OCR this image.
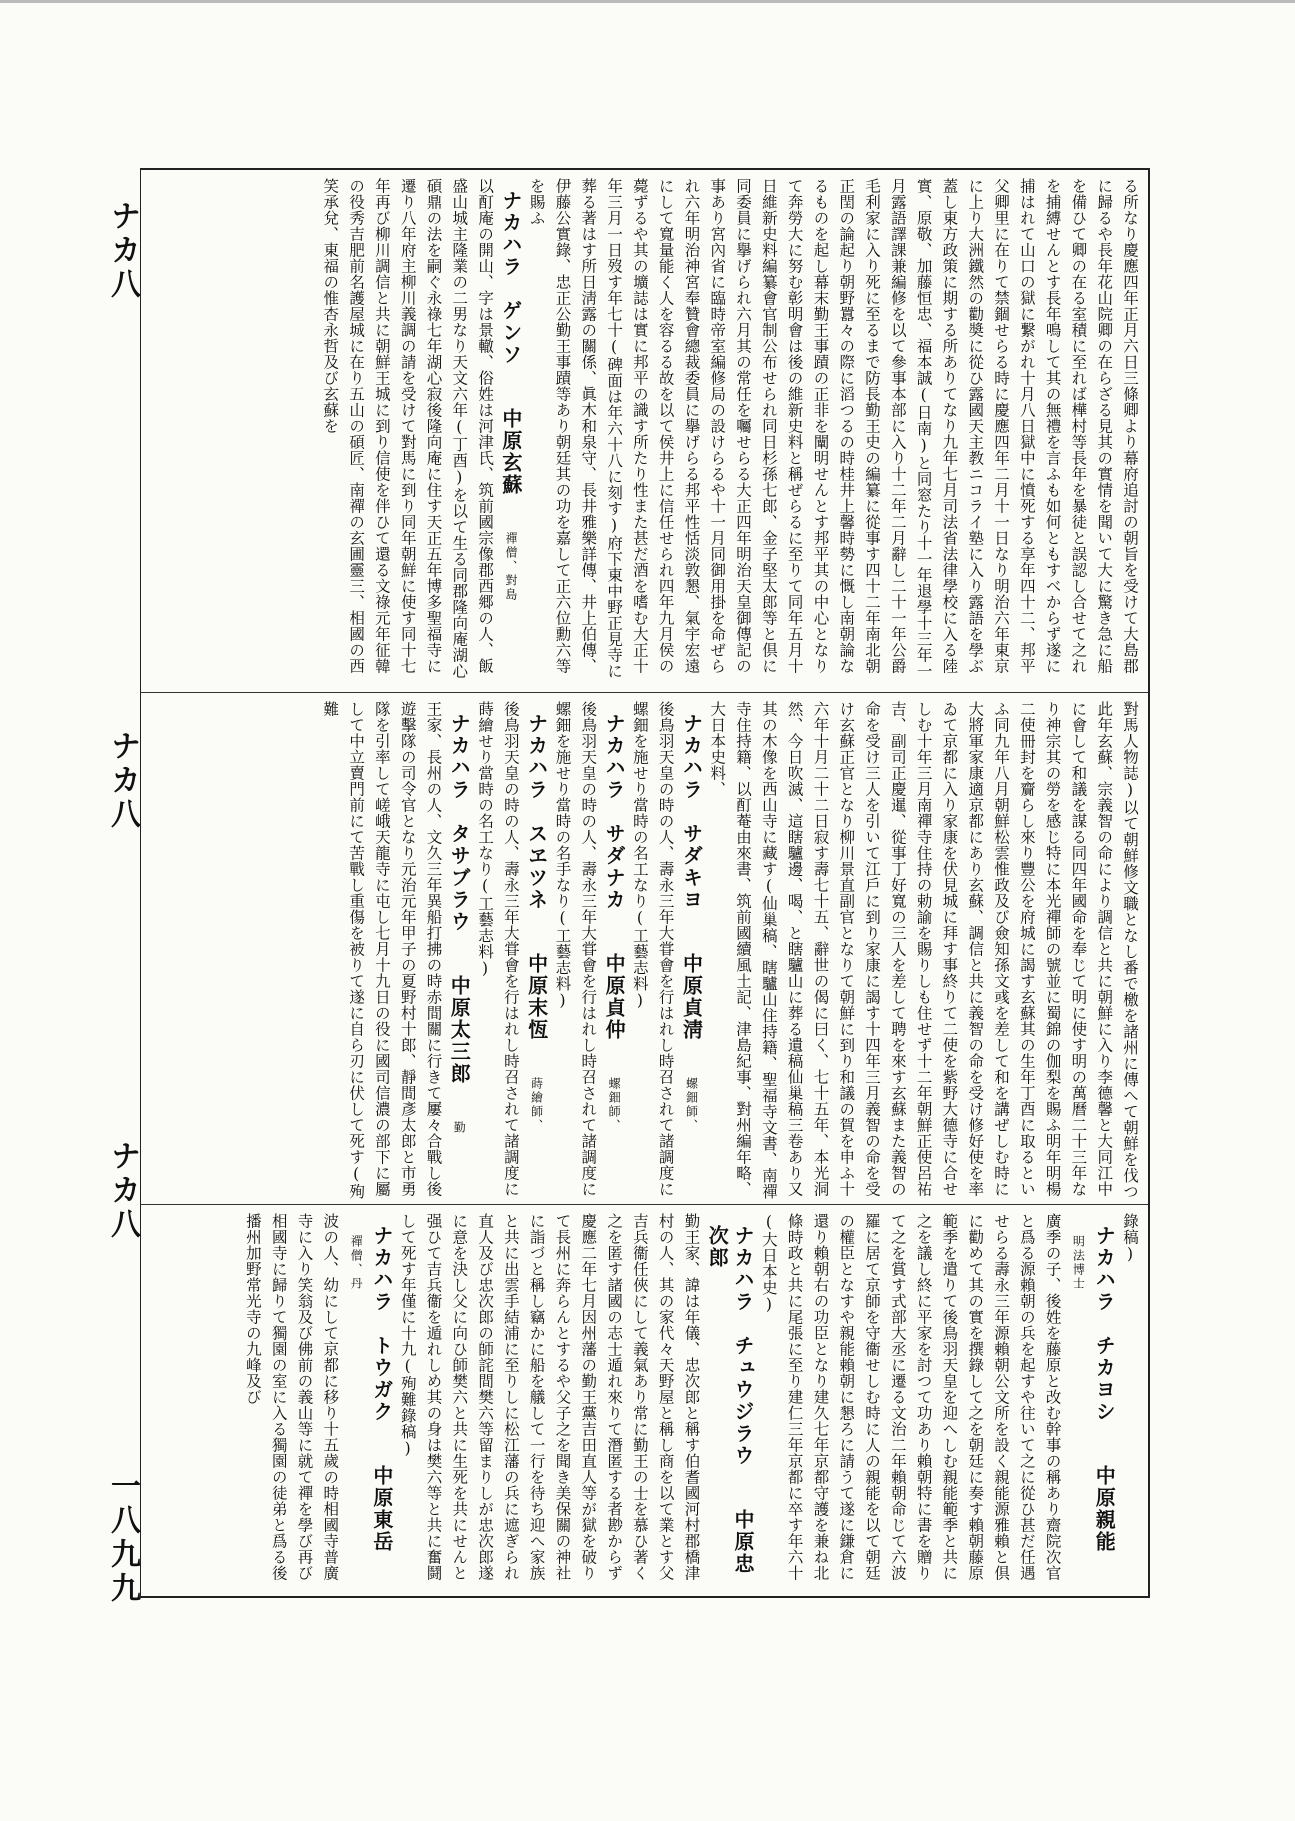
ナカ八
ナカ八
ナカ八
一八九九
る所なり慶應四年正月六日三條卿より幕府追討の朝旨を受けて大島郡に歸るや長年花山院卿の在らざる見其の實情を聞いて大に驚き急に船を備ひて卿の在る室積に至れば樺村等長年を暴徒と誤認し合せて之れを捕縛せんとす長年鳴して其の無禮を言ふも如何ともすべからず遂に捕はれて山口の獄に繋がれ十月八日獄中に憤死する享年四十二、邦平父卿里に在りて禁錮せらる時に慶應四年二月十一日なり明治六年東京に上り大洲鐵然の勸奬に從ひ露國天主教ニコライ塾に入り露語を學ぶ蓋し東方政策に期する所ありてなり九年七月司法省法律學校に入る陸實、原敬、加藤恒忠、福本誠(日南)と同窓たり十一年退學十三年一月露語譯課兼編修を以て參事本部に入り十二年二月辭し二十一年公爵毛利家に入り死に至るまで防長勤王史の編纂に從事す四十二年南北朝正閏の論起り朝野囂々の際に滔つるの時桂井上馨時勢に慨し南朝論なるものを起し幕末勤王事蹟の正非を闡明せんとす邦平其の中心となりて奔勞大に努む彰明會は後の維新史料と稱ぜらるに至りて同年五月十日維新史料編纂會官制公布せられ同日杉孫七郎、金子堅太郎等と倶に同委員に擧げられ六月其の常任を囑せらる大正四年明治天皇御傳記の事あり宮內省に臨時帝室編修局の設けらるや十一月同御用掛を命ぜられ六年明治神宮奉贊會總裁委員に擧げらる邦平性恬淡敦懇、氣宇宏遠にして寬量能く人を容るる故を以て侯井上に信任せられ四年九月侯の薨ずるや其の壙誌は實に邦平の識す所たり性また甚だ酒を嗜む大正十年三月一日歿す年七十(碑面は年六十八に刻す)府下東中野正見寺に葬る著はす所日淸露の關係、眞木和泉守、長井雅樂詳傳、井上伯傳、伊藤公實錄、忠正公勤王事蹟等あり朝廷其の功を嘉して正六位勳六等を賜ふ
ナカハラ　ゲンソ 中原玄蘇 禪僧、對島
以酊庵の開山、字は景轍、俗姓は河津氏、筑前國宗像郡西郷の人、飯盛山城主隆業の二男なり天文六年(丁酉)を以て生る同郡隆向庵湖心碩鼎の法を嗣ぐ永祿七年湖心寂後隆向庵に住す天正五年博多聖福寺に遷り八年府主柳川義調の請を受けて對馬に到り同年朝鮮に使す同十七年再び柳川調信と共に朝鮮王城に到り信使を伴ひて還る文祿元年征韓の役秀吉肥前名護屋城に在り五山の碩匠、南禪の玄圃靈三、相國の西笑承兌、東福の惟杏永哲及び玄蘇を
對馬人物誌)以て朝鮮修文職となし番で檄を諸州に傳へて朝鮮を伐つ此年玄蘇、宗義智の命により調信と共に朝鮮に入り李德馨と大同江中に會して和議を謀る同四年國命を奉じて明に使す明の萬曆二十三年なり神宗其の勞を感じ特に本光禪師の號並に蜀錦の伽梨を賜ふ明年明楊二使冊封を齎らし來り豐公を府城に謁す玄蘇其の生年丁酉に取るといふ同九年八月朝鮮松雲惟政及び僉知孫文彧を差して和を講ぜしむ時に大將軍家康適京都にあり玄蘇、調信と共に義智の命を受け修好使を率ゐて京都に入り家康を伏見城に拜す事終りて二使を紫野大德寺に合せしむ十年三月南禪寺住持の勅諭を賜りしも住せず十二年朝鮮正使呂祐吉、副司正慶暹、從事丁好寬の三人を差して聘を來す玄蘇また義智の命を受け三人を引いて江戶に到り家康に謁す十四年三月義智の命を受け玄蘇正官となり柳川景直副官となりて朝鮮に到り和議の賀を申ふ十六年十月二十二日寂す壽七十五、辭世の偈に曰く、七十五年、本光洞然、今日吹滅、這瞎驢邊、喝、と瞎驢山に葬る遺稿仙巢稿三卷あり又其の木像を西山寺に藏す(仙巢稿、瞎驢山住持籍、聖福寺文書、南禪寺住持籍、以酊菴由來書、筑前國續風土記、津島紀事、對州編年略、大日本史料、
ナカハラ　サダキヨ 中原貞淸 螺鈿師、
後鳥羽天皇の時の人、壽永三年大甞會を行はれし時召されて諸調度に螺鈿を施せり當時の名工なり(工藝志料)
ナカハラ　サダナカ 中原貞仲 螺鈿師、
後鳥羽天皇の時の人、壽永三年大甞會を行はれし時召されて諸調度に螺鈿を施せり當時の名手なり(工藝志料)
ナカハラ　スヱツネ 中原末恆 蒔繪師、
後鳥羽天皇の時の人、壽永三年大甞會を行はれし時召されて諸調度に蒔繪せり當時の名工なり(工藝志料)
ナカハラ　タサブラウ 中原太三郎 勤
王家、長州の人、文久三年異船打拂の時赤間關に行きて屢々合戰し後遊擊隊の司令官となり元治元年甲子の夏野村十郎、靜間彥太郎と市勇隊を引率して嵯峨天龍寺に屯し七月十九日の役に國司信濃の部下に屬して中立賣門前にて苦戰し重傷を被りて遂に自ら刃に伏して死す(殉難
錄稿)
ナカハラ　チカヨシ 中原親能 明法博士
廣季の子、後姓を藤原と改む幹事の稱あり齋院次官と爲る源賴朝の兵を起すや往いて之に從ひ甚だ任遇せらる壽永三年源賴朝公文所を設く親能源雅賴と倶に勸めて其の實を撰錄して之を朝廷に奏す賴朝藤原範季を遣りて後鳥羽天皇を迎へしむ親能範季と共に之を議し終に平家を討つて功あり賴朝特に書を贈りて之を賞す式部大丞に遷る文治二年賴朝命じて六波羅に居て京師を守衞せしむ時に人の親能を以て朝廷の權臣となすや親能賴朝に懇ろに請うて遂に鎌倉に還り賴朝右の功臣となり建久七年京都守護を兼ね北條時政と共に尾張に至り建仁三年京都に卒す年六十(大日本史)
ナカハラ　チュウジラウ 中原忠次郎
勤王家、諱は年儀、忠次郎と稱す伯耆國河村郡橋津村の人、其の家代々天野屋と稱し商を以て業とす父吉兵衞任俠にして義氣あり常に勤王の士を慕ひ著く之を匿す諸國の志士遁れ來りて潛匿する者尠からず慶應二年七月因州藩の勤王黨吉田直人等が獄を破りて長州に奔らんとするや父子之を聞き美保關の神社に詣づと稱し竊かに船を艤して一行を待ち迎へ家族と共に出雲手結浦に至りしに松江藩の兵に遮ぎられ直人及び忠次郎の師詫間樊六等留まりしが忠次郎遂に意を決し父に向ひ師樊六と共に生死を共にせんと强ひて吉兵衞を遁れしめ其の身は樊六等と共に奮鬪して死す年僅に十九(殉難錄稿)
ナカハラ　トウガク 中原東岳 禪僧、丹
波の人、幼にして京都に移り十五歲の時相國寺普廣寺に入り笑翁及び佛前の義山等に就て禪を學び再び相國寺に歸りて獨園の室に入る獨園の徒弟と爲る後播州加野常光寺の九峰及び
